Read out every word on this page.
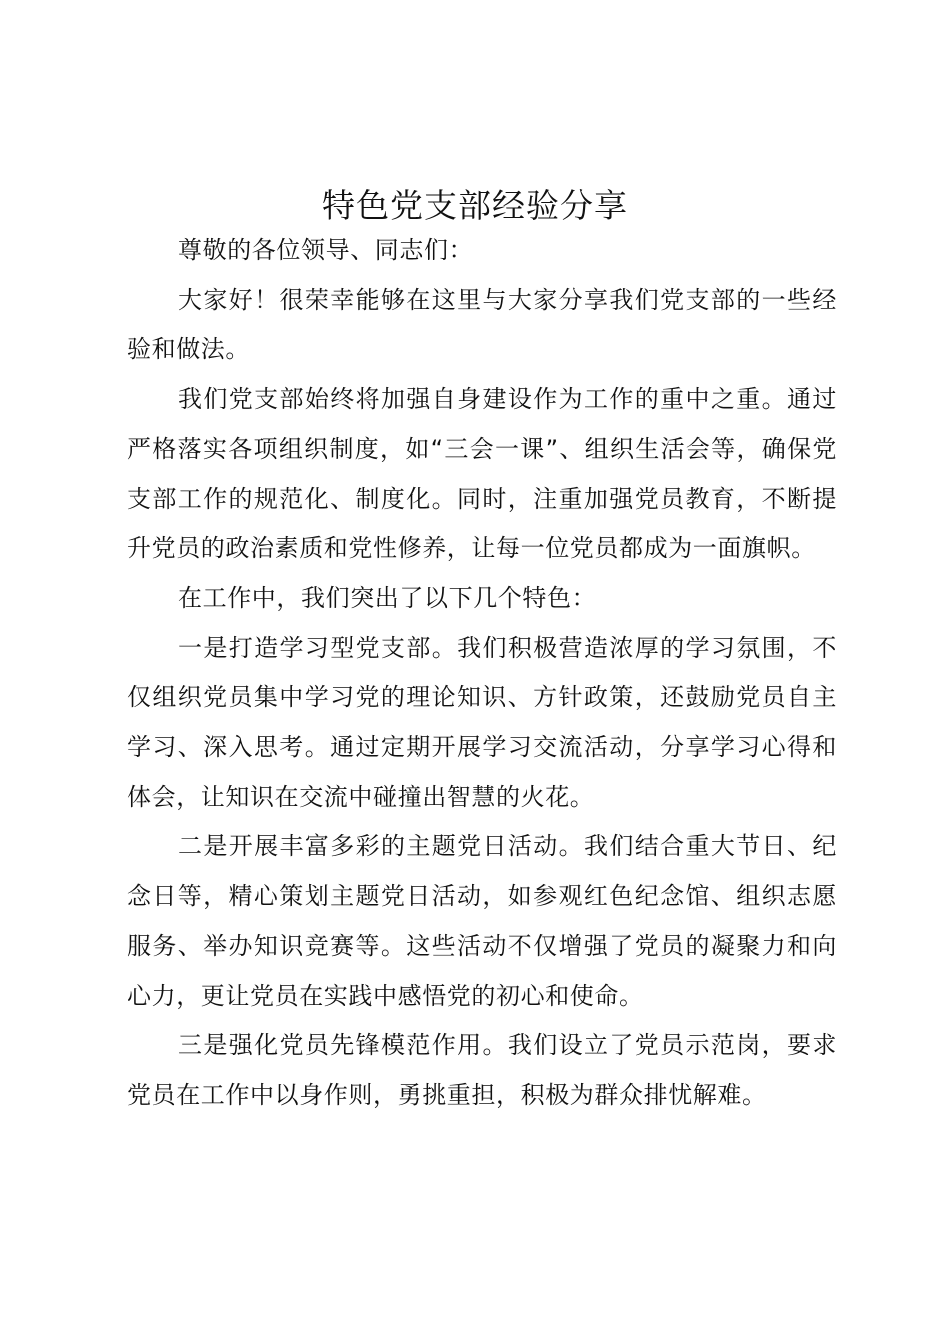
特色党支部经验分享

尊敬的各位领导、同志们：

大家好！很荣幸能够在这里与大家分享我们党支部的一些经验和做法。

我们党支部始终将加强自身建设作为工作的重中之重。通过严格落实各项组织制度，如“三会一课”、组织生活会等，确保党支部工作的规范化、制度化。同时，注重加强党员教育，不断提升党员的政治素质和党性修养，让每一位党员都成为一面旗帜。

在工作中，我们突出了以下几个特色：

一是打造学习型党支部。我们积极营造浓厚的学习氛围，不仅组织党员集中学习党的理论知识、方针政策，还鼓励党员自主学习、深入思考。通过定期开展学习交流活动，分享学习心得和体会，让知识在交流中碰撞出智慧的火花。

二是开展丰富多彩的主题党日活动。我们结合重大节日、纪念日等，精心策划主题党日活动，如参观红色纪念馆、组织志愿服务、举办知识竞赛等。这些活动不仅增强了党员的凝聚力和向心力，更让党员在实践中感悟党的初心和使命。

三是强化党员先锋模范作用。我们设立了党员示范岗，要求党员在工作中以身作则，勇挑重担，积极为群众排忧解难。
